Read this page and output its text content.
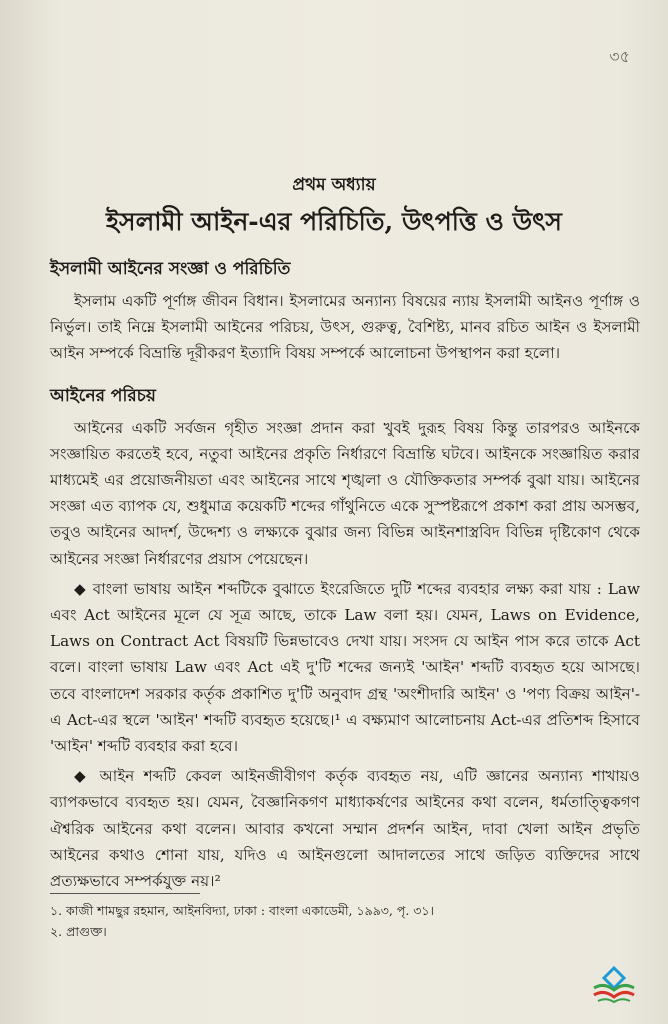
৩৫
প্রথম অধ্যায়
ইসলামী আইন-এর পরিচিতি, উৎপত্তি ও উৎস
ইসলামী আইনের সংজ্ঞা ও পরিচিতি

ইসলাম একটি পূর্ণাঙ্গ জীবন বিধান। ইসলামের অন্যান্য বিষয়ের ন্যায় ইসলামী আইনও পূর্ণাঙ্গ ও নির্ভুল। তাই নিম্নে ইসলামী আইনের পরিচয়, উৎস, গুরুত্ব, বৈশিষ্ট্য, মানব রচিত আইন ও ইসলামী আইন সম্পর্কে বিভ্রান্তি দূরীকরণ ইত্যাদি বিষয় সম্পর্কে আলোচনা উপস্থাপন করা হলো।

আইনের পরিচয়

আইনের একটি সর্বজন গৃহীত সংজ্ঞা প্রদান করা খুবই দুরূহ বিষয় কিন্তু তারপরও আইনকে সংজ্ঞায়িত করতেই হবে, নতুবা আইনের প্রকৃতি নির্ধারণে বিভ্রান্তি ঘটবে। আইনকে সংজ্ঞায়িত করার মাধ্যমেই এর প্রয়োজনীয়তা এবং আইনের সাথে শৃঙ্খলা ও যৌক্তিকতার সম্পর্ক বুঝা যায়। আইনের সংজ্ঞা এত ব্যাপক যে, শুধুমাত্র কয়েকটি শব্দের গাঁথুনিতে একে সুস্পষ্টরূপে প্রকাশ করা প্রায় অসম্ভব, তবুও আইনের আদর্শ, উদ্দেশ্য ও লক্ষ্যকে বুঝার জন্য বিভিন্ন আইনশাস্ত্রবিদ বিভিন্ন দৃষ্টিকোণ থেকে আইনের সংজ্ঞা নির্ধারণের প্রয়াস পেয়েছেন।

◆ বাংলা ভাষায় আইন শব্দটিকে বুঝাতে ইংরেজিতে দুটি শব্দের ব্যবহার লক্ষ্য করা যায় : Law এবং Act আইনের মূলে যে সূত্র আছে, তাকে Law বলা হয়। যেমন, Laws on Evidence, Laws on Contract Act বিষয়টি ভিন্নভাবেও দেখা যায়। সংসদ যে আইন পাস করে তাকে Act বলে। বাংলা ভাষায় Law এবং Act এই দু'টি শব্দের জন্যই 'আইন' শব্দটি ব্যবহৃত হয়ে আসছে। তবে বাংলাদেশ সরকার কর্তৃক প্রকাশিত দু'টি অনুবাদ গ্রন্থ 'অংশীদারি আইন' ও 'পণ্য বিক্রয় আইন'-এ Act-এর স্থলে 'আইন' শব্দটি ব্যবহৃত হয়েছে।¹ এ বক্ষ্যমাণ আলোচনায় Act-এর প্রতিশব্দ হিসাবে 'আইন' শব্দটি ব্যবহার করা হবে।

◆ আইন শব্দটি কেবল আইনজীবীগণ কর্তৃক ব্যবহৃত নয়, এটি জ্ঞানের অন্যান্য শাখায়ও ব্যাপকভাবে ব্যবহৃত হয়। যেমন, বৈজ্ঞানিকগণ মাধ্যাকর্ষণের আইনের কথা বলেন, ধর্মতাত্ত্বিকগণ ঐশ্বরিক আইনের কথা বলেন। আবার কখনো সম্মান প্রদর্শন আইন, দাবা খেলা আইন প্রভৃতি আইনের কথাও শোনা যায়, যদিও এ আইনগুলো আদালতের সাথে জড়িত ব্যক্তিদের সাথে প্রত্যক্ষভাবে সম্পর্কযুক্ত নয়।²

১. কাজী শামছুর রহমান, আইনবিদ্যা, ঢাকা : বাংলা একাডেমী, ১৯৯৩, পৃ. ৩১।

২. প্রাগুক্ত।
